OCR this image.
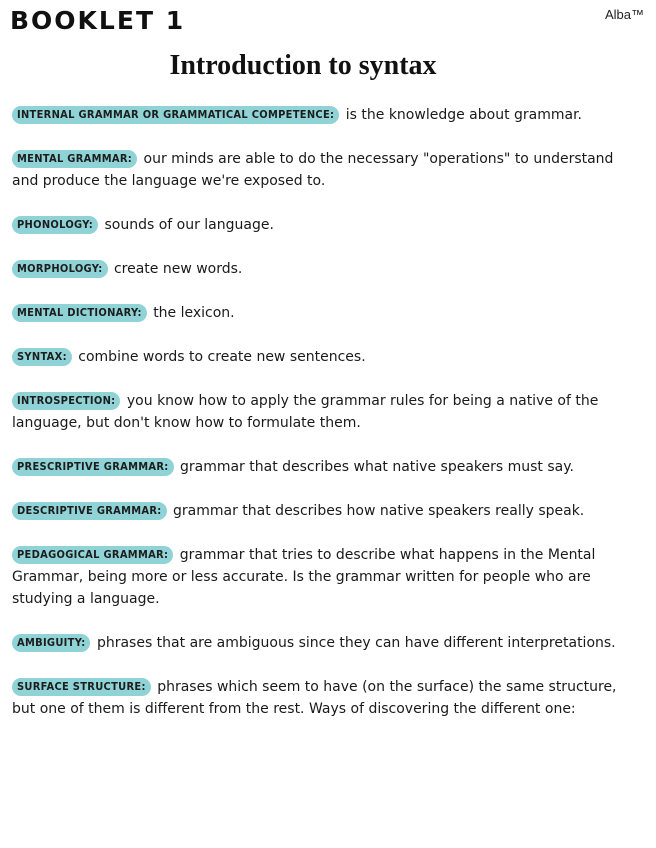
BOOKLET 1	Alba™
Introduction to syntax

INTERNAL GRAMMAR OR GRAMMATICAL COMPETENCE: is the knowledge about grammar.

MENTAL GRAMMAR: our minds are able to do the necessary "operations" to understand and produce the language we're exposed to.

PHONOLOGY: sounds of our language.

MORPHOLOGY: create new words.

MENTAL DICTIONARY: the lexicon.

SYNTAX: combine words to create new sentences.

INTROSPECTION: you know how to apply the grammar rules for being a native of the language, but don't know how to formulate them.

PRESCRIPTIVE GRAMMAR: grammar that describes what native speakers must say.

DESCRIPTIVE GRAMMAR: grammar that describes how native speakers really speak.

PEDAGOGICAL GRAMMAR: grammar that tries to describe what happens in the Mental Grammar, being more or less accurate. Is the grammar written for people who are studying a language.

AMBIGUITY: phrases that are ambiguous since they can have different interpretations.

SURFACE STRUCTURE: phrases which seem to have (on the surface) the same structure, but one of them is different from the rest. Ways of discovering the different one:
